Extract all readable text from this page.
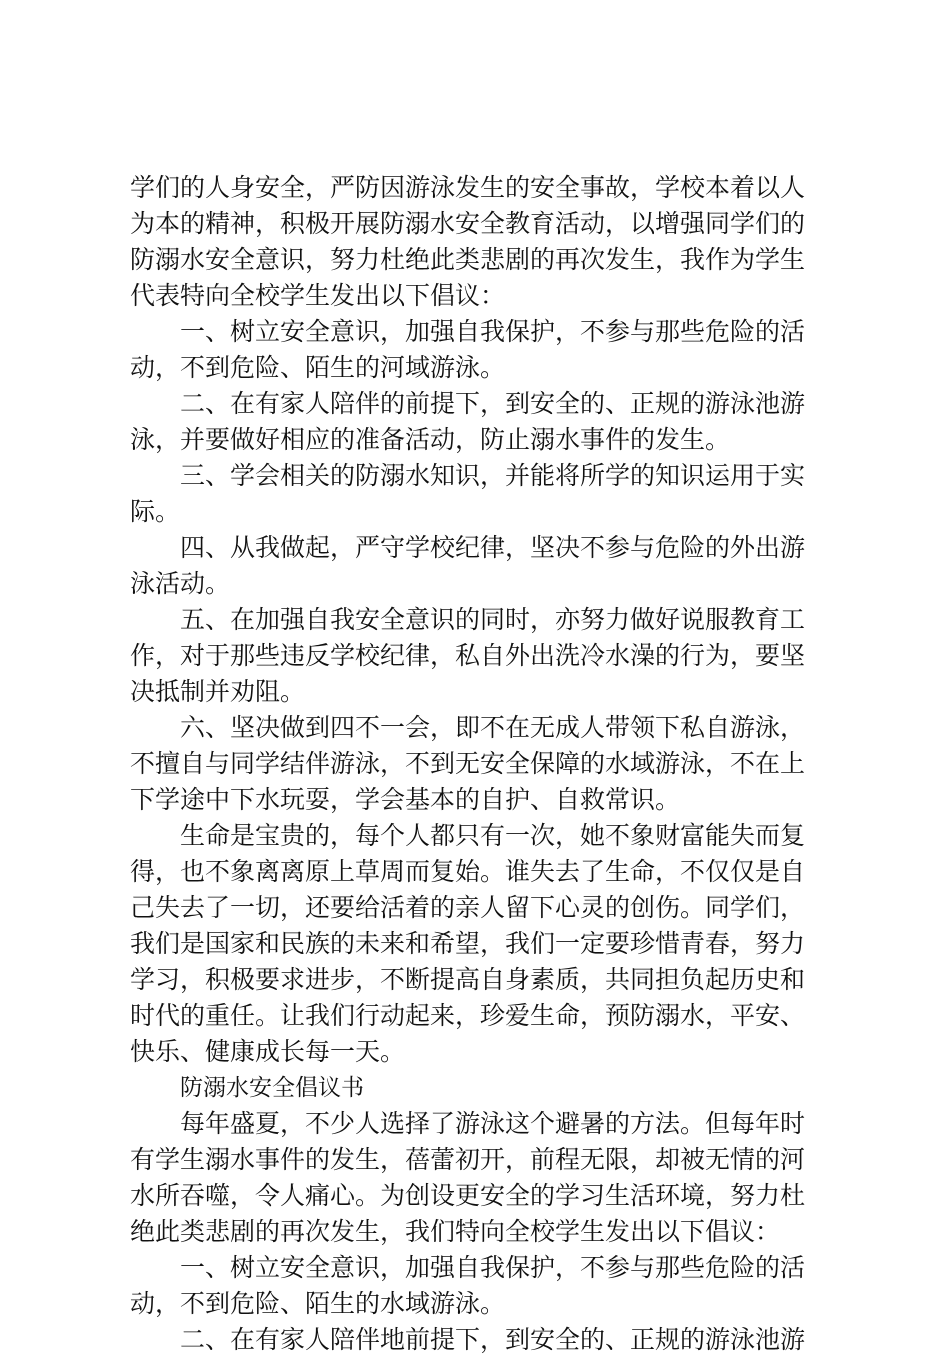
学们的人身安全，严防因游泳发生的安全事故，学校本着以人
为本的精神，积极开展防溺水安全教育活动，以增强同学们的
防溺水安全意识，努力杜绝此类悲剧的再次发生，我作为学生
代表特向全校学生发出以下倡议：
一、树立安全意识，加强自我保护，不参与那些危险的活
动，不到危险、陌生的河域游泳。
二、在有家人陪伴的前提下，到安全的、正规的游泳池游
泳，并要做好相应的准备活动，防止溺水事件的发生。
三、学会相关的防溺水知识，并能将所学的知识运用于实
际。
四、从我做起，严守学校纪律，坚决不参与危险的外出游
泳活动。
五、在加强自我安全意识的同时，亦努力做好说服教育工
作，对于那些违反学校纪律，私自外出洗冷水澡的行为，要坚
决抵制并劝阻。
六、坚决做到四不一会，即不在无成人带领下私自游泳，
不擅自与同学结伴游泳，不到无安全保障的水域游泳，不在上
下学途中下水玩耍，学会基本的自护、自救常识。
生命是宝贵的，每个人都只有一次，她不象财富能失而复
得，也不象离离原上草周而复始。谁失去了生命，不仅仅是自
己失去了一切，还要给活着的亲人留下心灵的创伤。同学们，
我们是国家和民族的未来和希望，我们一定要珍惜青春，努力
学习，积极要求进步，不断提高自身素质，共同担负起历史和
时代的重任。让我们行动起来，珍爱生命，预防溺水，平安、
快乐、健康成长每一天。
防溺水安全倡议书
每年盛夏，不少人选择了游泳这个避暑的方法。但每年时
有学生溺水事件的发生，蓓蕾初开，前程无限，却被无情的河
水所吞噬，令人痛心。为创设更安全的学习生活环境，努力杜
绝此类悲剧的再次发生，我们特向全校学生发出以下倡议：
一、树立安全意识，加强自我保护，不参与那些危险的活
动，不到危险、陌生的水域游泳。
二、在有家人陪伴地前提下，到安全的、正规的游泳池游
